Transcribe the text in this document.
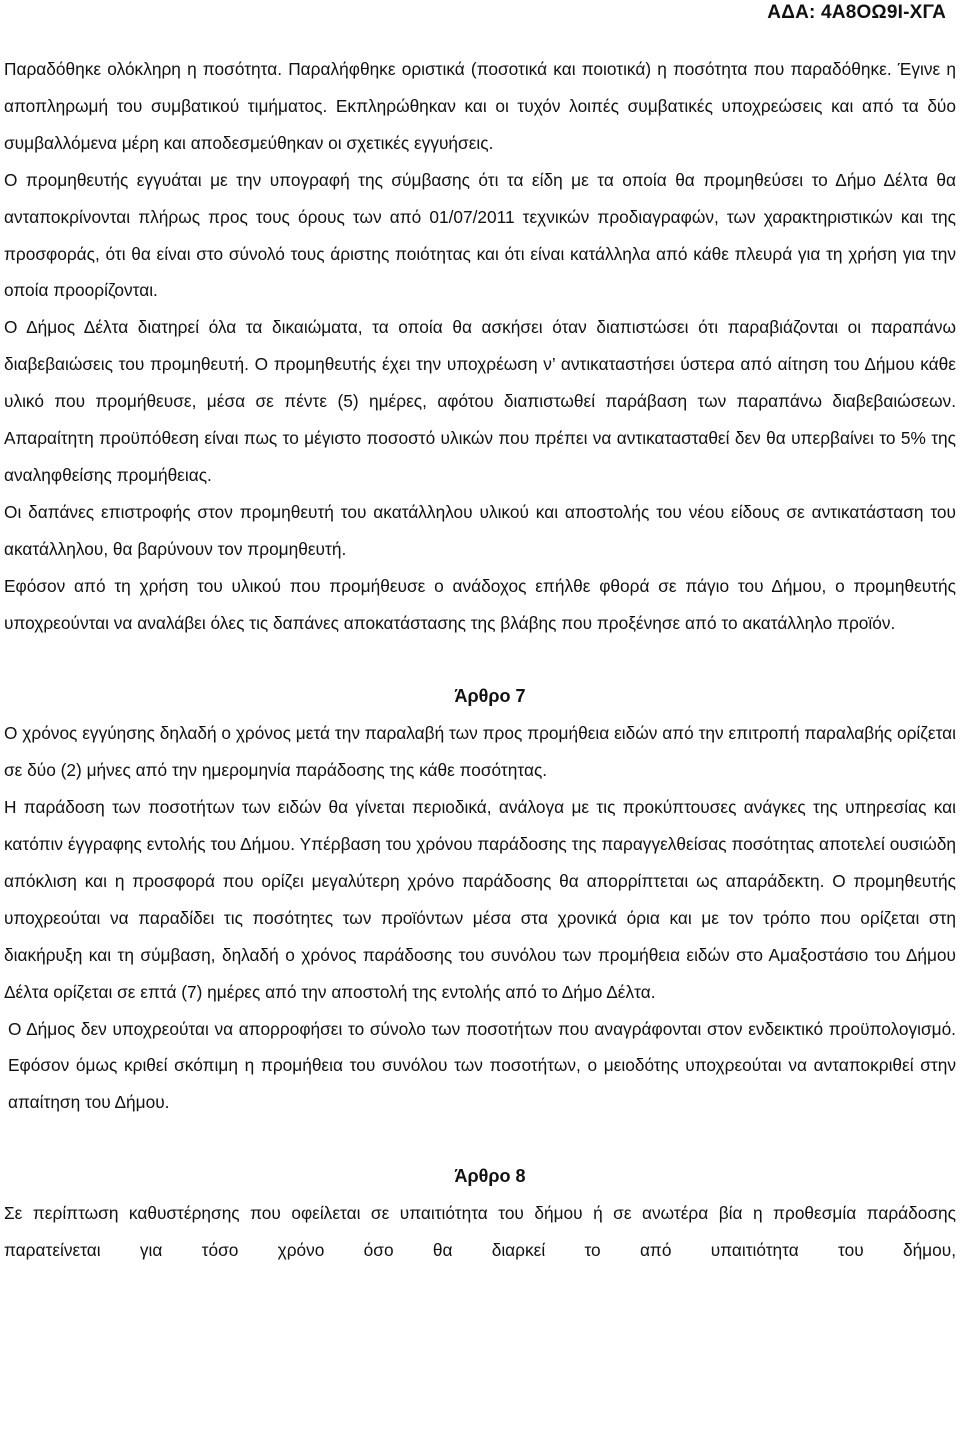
ΑΔΑ: 4Α8ΟΩ9Ι-ΧΓΑ

Παραδόθηκε ολόκληρη η ποσότητα. Παραλήφθηκε οριστικά (ποσοτικά και ποιοτικά) η ποσότητα που παραδόθηκε. Έγινε η αποπληρωμή του συμβατικού τιμήματος. Εκπληρώθηκαν και οι τυχόν λοιπές συμβατικές υποχρεώσεις και από τα δύο συμβαλλόμενα μέρη και αποδεσμεύθηκαν οι σχετικές εγγυήσεις.

Ο προμηθευτής εγγυάται με την υπογραφή της σύμβασης ότι τα είδη με τα οποία θα προμηθεύσει το Δήμο Δέλτα θα ανταποκρίνονται πλήρως προς τους όρους των από 01/07/2011 τεχνικών προδιαγραφών, των χαρακτηριστικών και της προσφοράς, ότι θα είναι στο σύνολό τους άριστης ποιότητας και ότι είναι κατάλληλα από κάθε πλευρά για τη χρήση για την οποία προορίζονται.

Ο Δήμος Δέλτα διατηρεί όλα τα δικαιώματα, τα οποία θα ασκήσει όταν διαπιστώσει ότι παραβιάζονται οι παραπάνω διαβεβαιώσεις του προμηθευτή. Ο προμηθευτής έχει την υποχρέωση ν’ αντικαταστήσει ύστερα από αίτηση του Δήμου κάθε υλικό που προμήθευσε, μέσα σε πέντε (5) ημέρες, αφότου διαπιστωθεί παράβαση των παραπάνω διαβεβαιώσεων. Απαραίτητη προϋπόθεση είναι πως το μέγιστο ποσοστό υλικών που πρέπει να αντικατασταθεί δεν θα υπερβαίνει το 5% της αναληφθείσης προμήθειας.

Οι δαπάνες επιστροφής στον προμηθευτή του ακατάλληλου υλικού και αποστολής του νέου είδους σε αντικατάσταση του ακατάλληλου, θα βαρύνουν τον προμηθευτή.

Εφόσον από τη χρήση του υλικού που προμήθευσε ο ανάδοχος επήλθε φθορά σε πάγιο του Δήμου, ο προμηθευτής υποχρεούνται να αναλάβει όλες τις δαπάνες αποκατάστασης της βλάβης που προξένησε από το ακατάλληλο προϊόν.

Άρθρο 7

Ο χρόνος εγγύησης δηλαδή ο χρόνος μετά την παραλαβή των προς προμήθεια ειδών από την επιτροπή παραλαβής ορίζεται σε δύο (2) μήνες από την ημερομηνία παράδοσης της κάθε ποσότητας.

Η παράδοση των ποσοτήτων των ειδών θα γίνεται περιοδικά, ανάλογα με τις προκύπτουσες ανάγκες της υπηρεσίας και κατόπιν έγγραφης εντολής του Δήμου. Υπέρβαση του χρόνου παράδοσης της παραγγελθείσας ποσότητας αποτελεί ουσιώδη απόκλιση και η προσφορά που ορίζει μεγαλύτερη χρόνο παράδοσης θα απορρίπτεται ως απαράδεκτη. Ο προμηθευτής υποχρεούται να παραδίδει τις ποσότητες των προϊόντων μέσα στα χρονικά όρια και με τον τρόπο που ορίζεται στη διακήρυξη και τη σύμβαση, δηλαδή ο χρόνος παράδοσης του συνόλου των προμήθεια ειδών στο Αμαξοστάσιο του Δήμου Δέλτα ορίζεται σε επτά (7) ημέρες από την αποστολή της εντολής από το Δήμο Δέλτα.

Ο Δήμος δεν υποχρεούται να απορροφήσει το σύνολο των ποσοτήτων που αναγράφονται στον ενδεικτικό προϋπολογισμό. Εφόσον όμως κριθεί σκόπιμη η προμήθεια του συνόλου των ποσοτήτων, ο μειοδότης υποχρεούται να ανταποκριθεί στην απαίτηση του Δήμου.

Άρθρο 8

Σε περίπτωση καθυστέρησης που οφείλεται σε υπαιτιότητα του δήμου ή σε ανωτέρα βία η προθεσμία παράδοσης παρατείνεται για τόσο χρόνο όσο θα διαρκεί το από υπαιτιότητα του δήμου,
